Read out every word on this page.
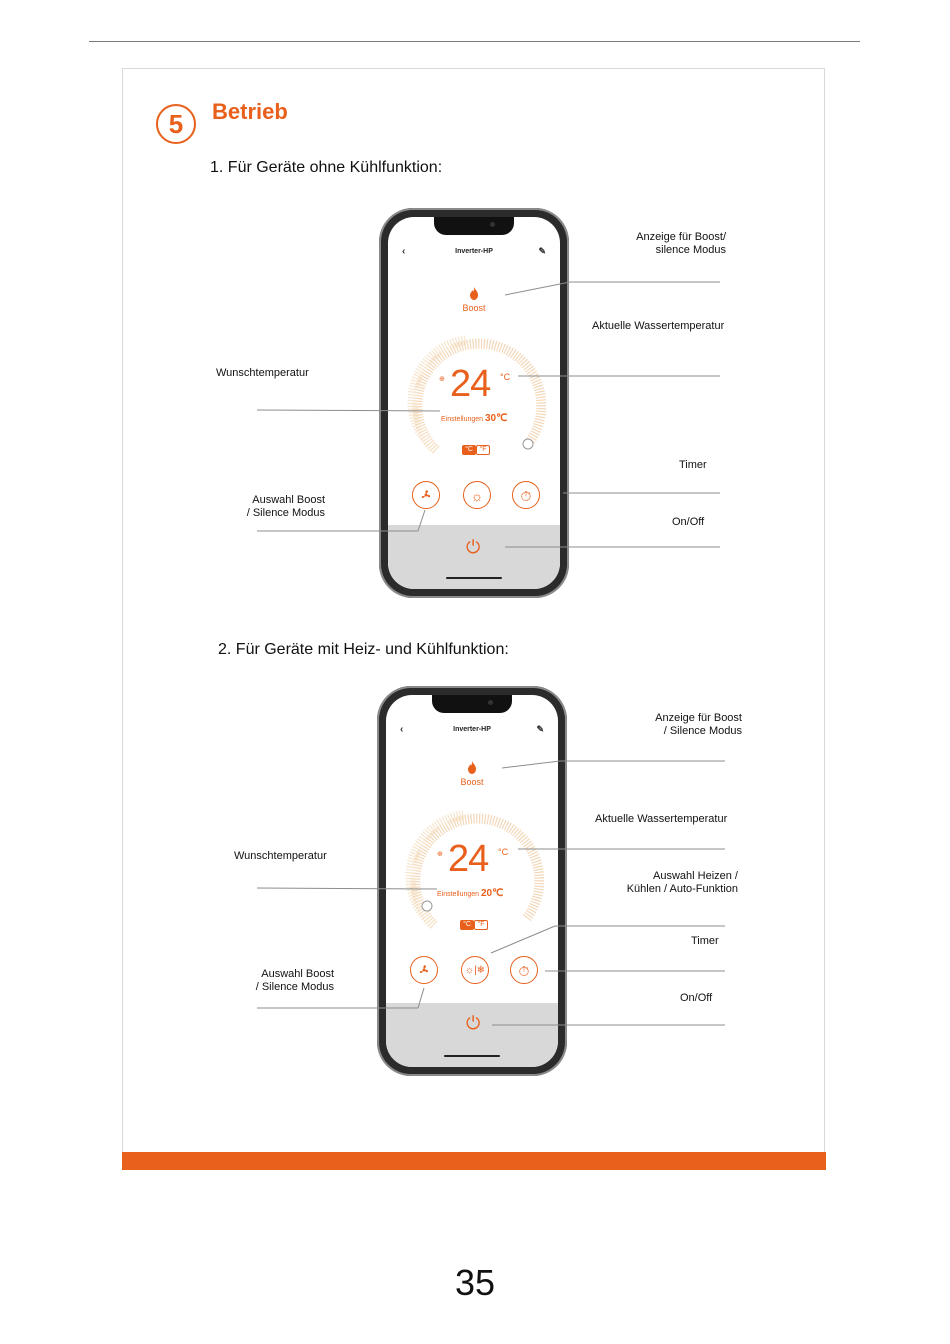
5	Betrieb
1. Für Geräte ohne Kühlfunktion:
‹	Inverter-HP	✎
Boost
24 °C
⊕
Einstellungen 30℃
°C °F
☼	⏱
⏻
Anzeige für Boost/
silence Modus
Aktuelle Wassertemperatur
Wunschtemperatur
Timer
Auswahl Boost
/ Silence Modus
On/Off
2. Für Geräte mit Heiz- und Kühlfunktion:
‹	Inverter-HP	✎
Boost
24 °C
⊕
Einstellungen 20℃
°C °F
☼|❄	⏱
⏻
Anzeige für Boost
/ Silence Modus
Aktuelle Wassertemperatur
Wunschtemperatur
Auswahl Heizen /
Kühlen / Auto-Funktion
Timer
Auswahl Boost
/ Silence Modus
On/Off
35
